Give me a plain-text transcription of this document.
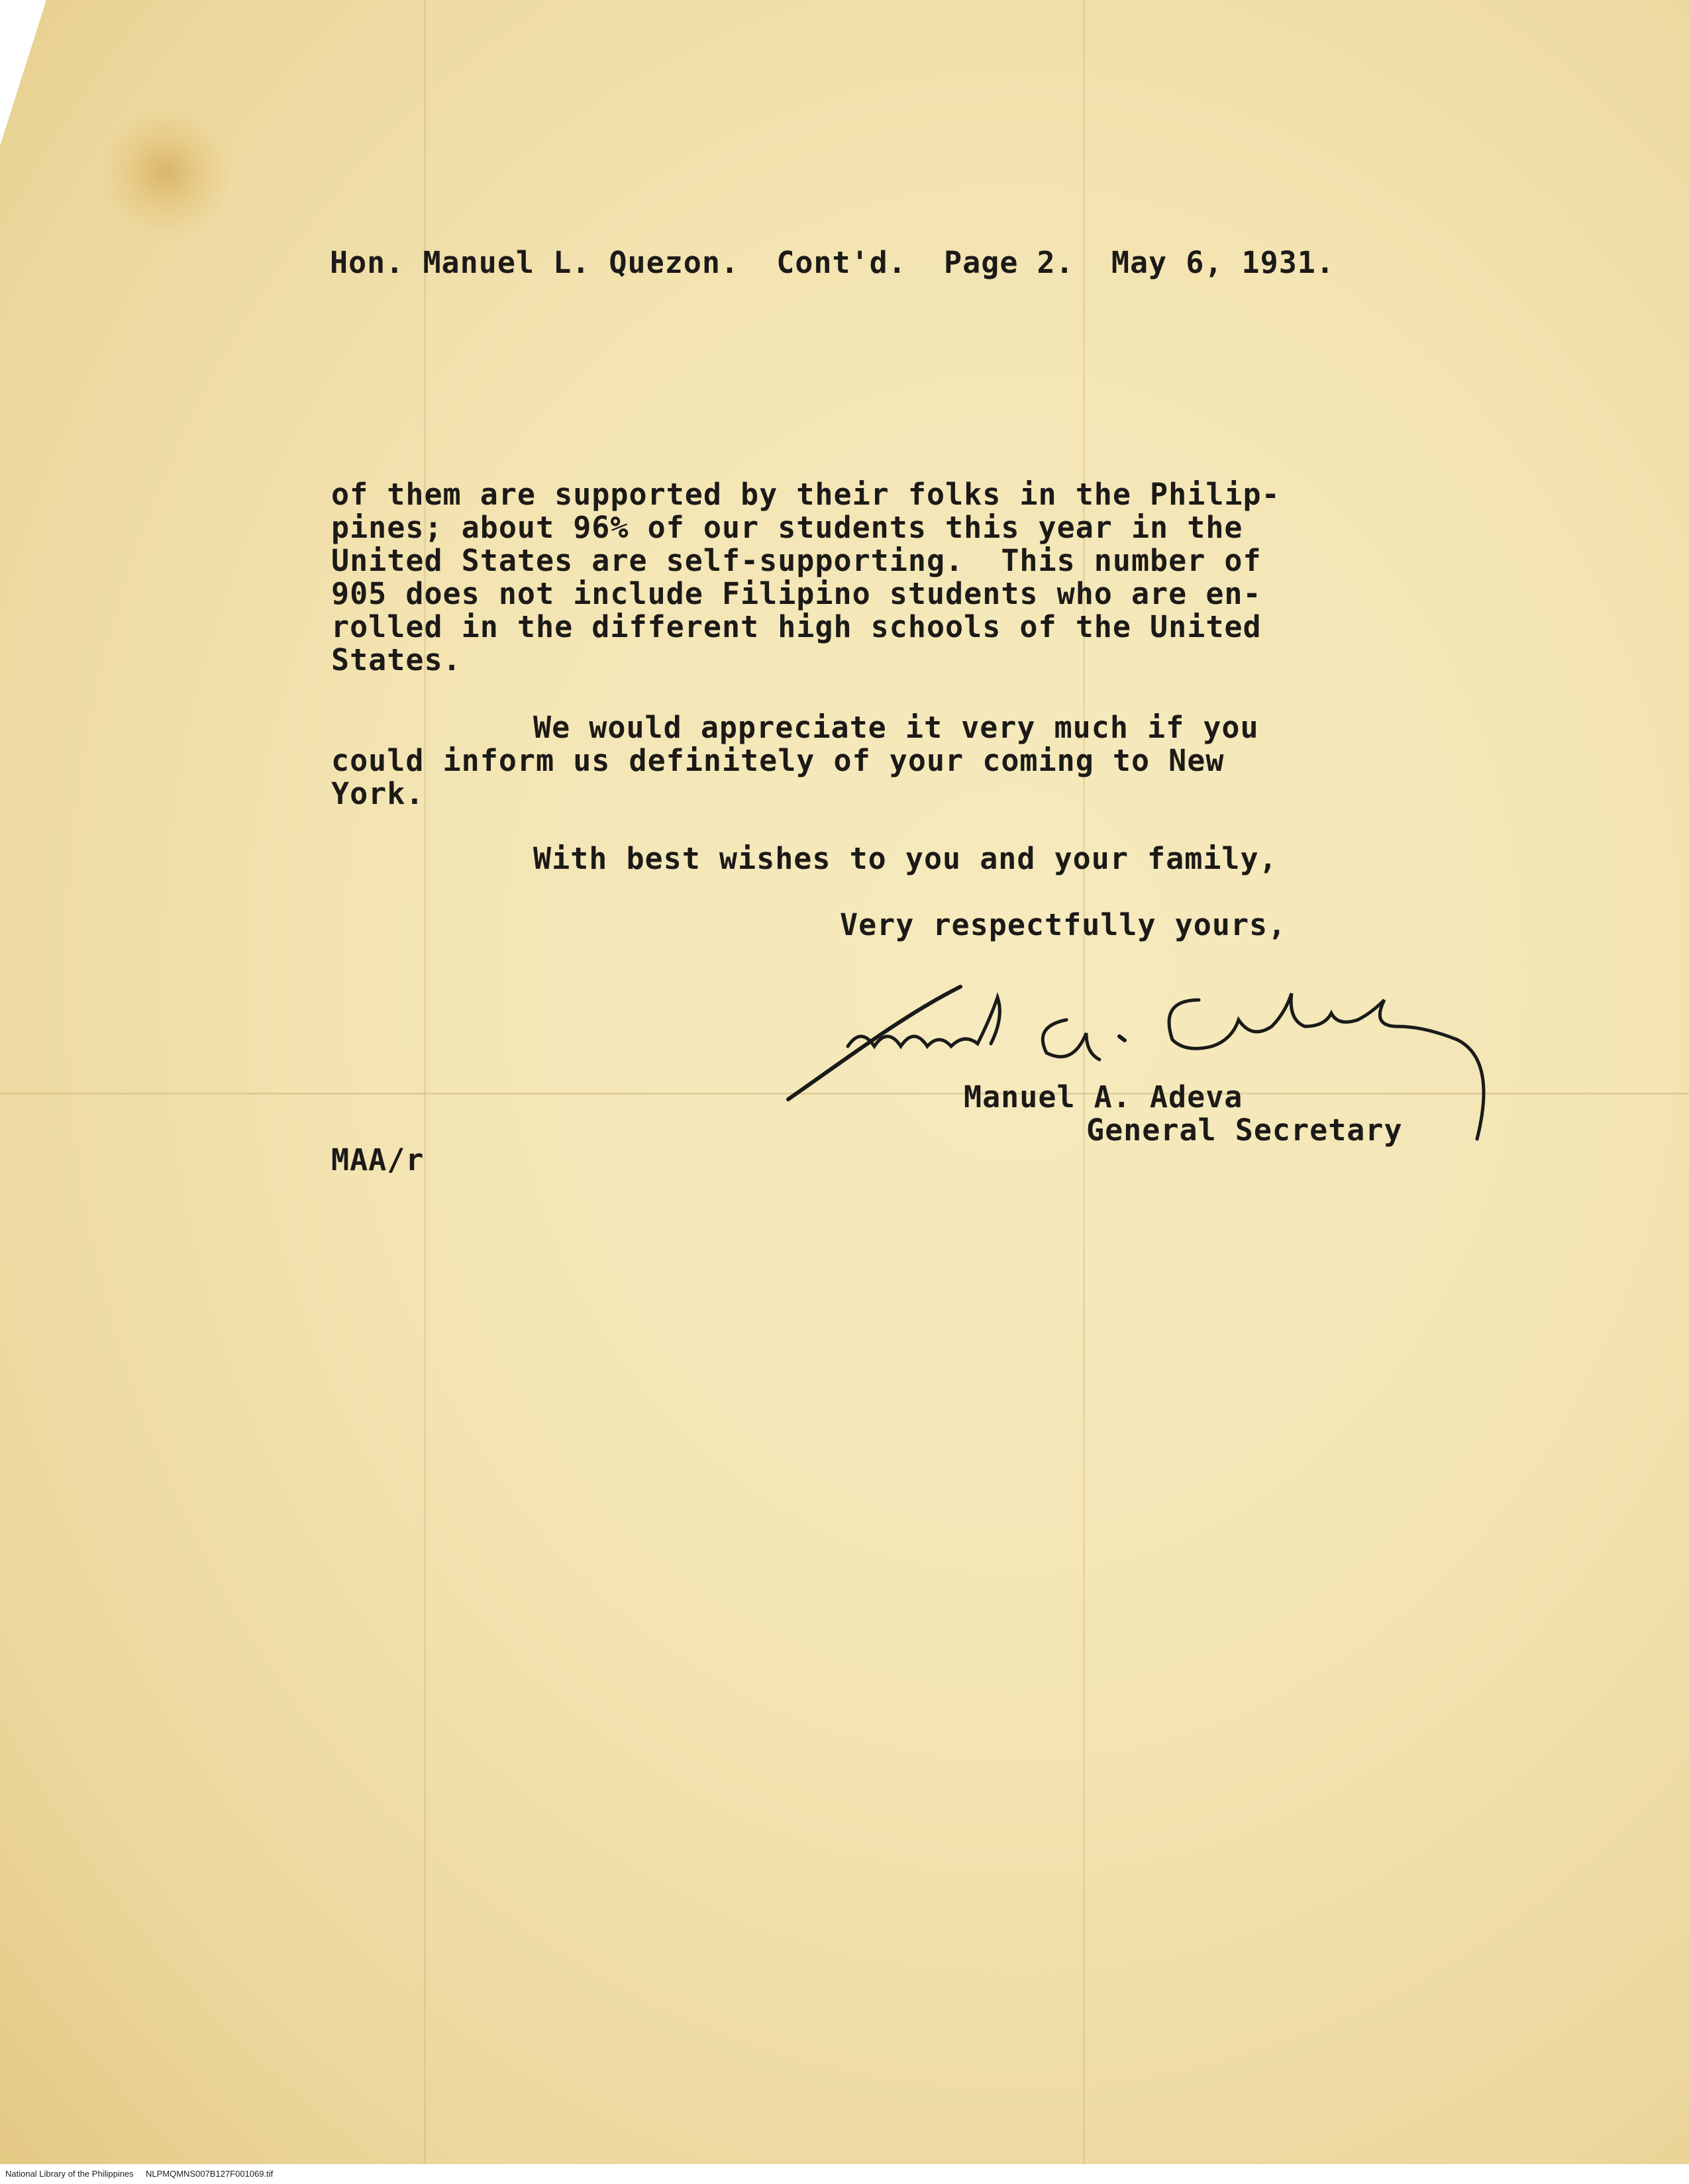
Hon. Manuel L. Quezon.  Cont'd.  Page 2.  May 6, 1931.
of them are supported by their folks in the Philip-
pines; about 96% of our students this year in the
United States are self-supporting.  This number of
905 does not include Filipino students who are en-
rolled in the different high schools of the United
States.
We would appreciate it very much if you
could inform us definitely of your coming to New
York.
With best wishes to you and your family,
Very respectfully yours,
Manuel A. Adeva
General Secretary
MAA/r
National Library of the Philippines NLPMQMNS007B127F001069.tif
